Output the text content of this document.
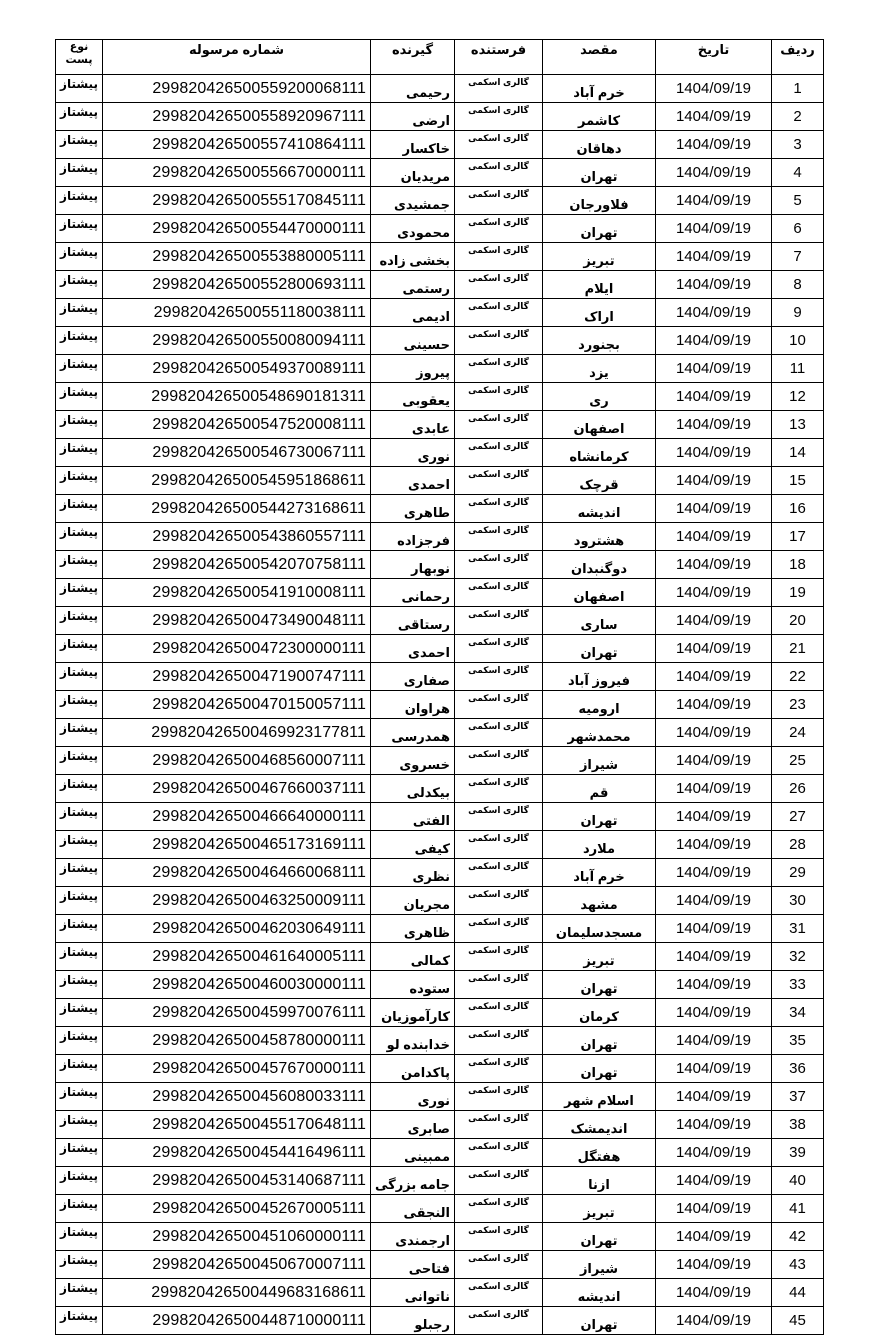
ردیف	تاریخ	مقصد	فرستنده	گیرنده	شماره مرسوله	نوع پست
1	1404/09/19	خرم آباد	گالری اسکمی	رحیمی	299820426500559200068111	پیشتاز
2	1404/09/19	کاشمر	گالری اسکمی	ارضی	299820426500558920967111	پیشتاز
3	1404/09/19	دهاقان	گالری اسکمی	خاکسار	299820426500557410864111	پیشتاز
4	1404/09/19	تهران	گالری اسکمی	مریدیان	299820426500556670000111	پیشتاز
5	1404/09/19	فلاورجان	گالری اسکمی	جمشیدی	299820426500555170845111	پیشتاز
6	1404/09/19	تهران	گالری اسکمی	محمودی	299820426500554470000111	پیشتاز
7	1404/09/19	تبریز	گالری اسکمی	بخشی زاده	299820426500553880005111	پیشتاز
8	1404/09/19	ایلام	گالری اسکمی	رستمی	299820426500552800693111	پیشتاز
9	1404/09/19	اراک	گالری اسکمی	ادیمی	299820426500551180038111	پیشتاز
10	1404/09/19	بجنورد	گالری اسکمی	حسینی	299820426500550080094111	پیشتاز
11	1404/09/19	یزد	گالری اسکمی	پیروز	299820426500549370089111	پیشتاز
12	1404/09/19	ری	گالری اسکمی	یعقوبی	299820426500548690181311	پیشتاز
13	1404/09/19	اصفهان	گالری اسکمی	عابدی	299820426500547520008111	پیشتاز
14	1404/09/19	کرمانشاه	گالری اسکمی	نوری	299820426500546730067111	پیشتاز
15	1404/09/19	قرچک	گالری اسکمی	احمدی	299820426500545951868611	پیشتاز
16	1404/09/19	اندیشه	گالری اسکمی	طاهری	299820426500544273168611	پیشتاز
17	1404/09/19	هشترود	گالری اسکمی	فرجزاده	299820426500543860557111	پیشتاز
18	1404/09/19	دوگنبدان	گالری اسکمی	نوبهار	299820426500542070758111	پیشتاز
19	1404/09/19	اصفهان	گالری اسکمی	رحمانی	299820426500541910008111	پیشتاز
20	1404/09/19	ساری	گالری اسکمی	رستاقی	299820426500473490048111	پیشتاز
21	1404/09/19	تهران	گالری اسکمی	احمدی	299820426500472300000111	پیشتاز
22	1404/09/19	فیروز آباد	گالری اسکمی	صفاری	299820426500471900747111	پیشتاز
23	1404/09/19	ارومیه	گالری اسکمی	هراوان	299820426500470150057111	پیشتاز
24	1404/09/19	محمدشهر	گالری اسکمی	همدرسی	299820426500469923177811	پیشتاز
25	1404/09/19	شیراز	گالری اسکمی	خسروی	299820426500468560007111	پیشتاز
26	1404/09/19	قم	گالری اسکمی	بیکدلی	299820426500467660037111	پیشتاز
27	1404/09/19	تهران	گالری اسکمی	الفتی	299820426500466640000111	پیشتاز
28	1404/09/19	ملارد	گالری اسکمی	کیفی	299820426500465173169111	پیشتاز
29	1404/09/19	خرم آباد	گالری اسکمی	نظری	299820426500464660068111	پیشتاز
30	1404/09/19	مشهد	گالری اسکمی	مجریان	299820426500463250009111	پیشتاز
31	1404/09/19	مسجدسلیمان	گالری اسکمی	ظاهری	299820426500462030649111	پیشتاز
32	1404/09/19	تبریز	گالری اسکمی	کمالی	299820426500461640005111	پیشتاز
33	1404/09/19	تهران	گالری اسکمی	ستوده	299820426500460030000111	پیشتاز
34	1404/09/19	کرمان	گالری اسکمی	کارآموزیان	299820426500459970076111	پیشتاز
35	1404/09/19	تهران	گالری اسکمی	خدابنده لو	299820426500458780000111	پیشتاز
36	1404/09/19	تهران	گالری اسکمی	پاکدامن	299820426500457670000111	پیشتاز
37	1404/09/19	اسلام شهر	گالری اسکمی	نوری	299820426500456080033111	پیشتاز
38	1404/09/19	اندیمشک	گالری اسکمی	صابری	299820426500455170648111	پیشتاز
39	1404/09/19	هفتگل	گالری اسکمی	ممبینی	299820426500454416496111	پیشتاز
40	1404/09/19	ازنا	گالری اسکمی	جامه بزرگی	299820426500453140687111	پیشتاز
41	1404/09/19	تبریز	گالری اسکمی	النجقی	299820426500452670005111	پیشتاز
42	1404/09/19	تهران	گالری اسکمی	ارجمندی	299820426500451060000111	پیشتاز
43	1404/09/19	شیراز	گالری اسکمی	فتاحی	299820426500450670007111	پیشتاز
44	1404/09/19	اندیشه	گالری اسکمی	ناتوانی	299820426500449683168611	پیشتاز
45	1404/09/19	تهران	گالری اسکمی	رجبلو	299820426500448710000111	پیشتاز
